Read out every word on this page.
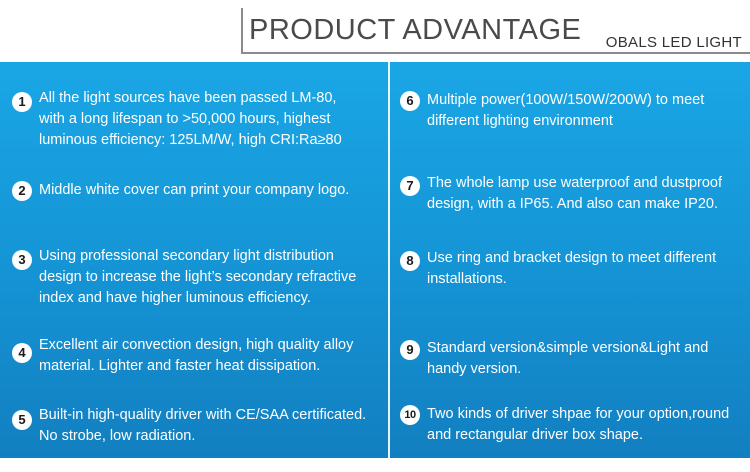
PRODUCT ADVANTAGE OBALS LED LIGHT
1 All the light sources have been passed LM-80,
with a long lifespan to >50,000 hours, highest
luminous efficiency: 125LM/W, high CRI:Ra≥80
2 Middle white cover can print your company logo.
3 Using professional secondary light distribution
design to increase the light’s secondary refractive
index and have higher luminous efficiency.
4 Excellent air convection design, high quality alloy
material. Lighter and faster heat dissipation.
5 Built-in high-quality driver with CE/SAA certificated.
No strobe, low radiation.
6 Multiple power(100W/150W/200W) to meet
different lighting environment
7 The whole lamp use waterproof and dustproof
design, with a IP65. And also can make IP20.
8 Use ring and bracket design to meet different
installations.
9 Standard version&simple version&Light and
handy version.
10 Two kinds of driver shpae for your option,round
and rectangular driver box shape.
